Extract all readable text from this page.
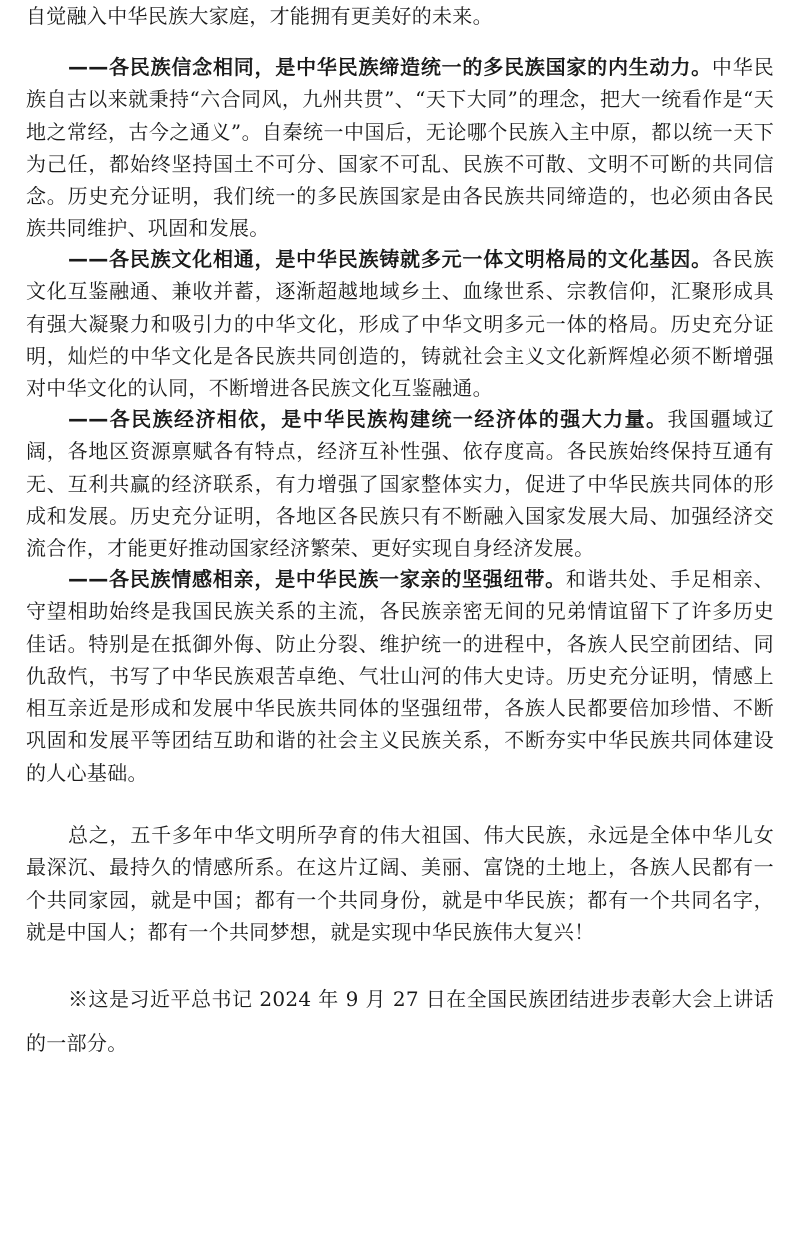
自觉融入中华民族大家庭，才能拥有更美好的未来。

——各民族信念相同，是中华民族缔造统一的多民族国家的内生动力。中华民族自古以来就秉持“六合同风，九州共贯”、“天下大同”的理念，把大一统看作是“天地之常经，古今之通义”。自秦统一中国后，无论哪个民族入主中原，都以统一天下为己任，都始终坚持国土不可分、国家不可乱、民族不可散、文明不可断的共同信念。历史充分证明，我们统一的多民族国家是由各民族共同缔造的，也必须由各民族共同维护、巩固和发展。

——各民族文化相通，是中华民族铸就多元一体文明格局的文化基因。各民族文化互鉴融通、兼收并蓄，逐渐超越地域乡土、血缘世系、宗教信仰，汇聚形成具有强大凝聚力和吸引力的中华文化，形成了中华文明多元一体的格局。历史充分证明，灿烂的中华文化是各民族共同创造的，铸就社会主义文化新辉煌必须不断增强对中华文化的认同，不断增进各民族文化互鉴融通。

——各民族经济相依，是中华民族构建统一经济体的强大力量。我国疆域辽阔，各地区资源禀赋各有特点，经济互补性强、依存度高。各民族始终保持互通有无、互利共赢的经济联系，有力增强了国家整体实力，促进了中华民族共同体的形成和发展。历史充分证明，各地区各民族只有不断融入国家发展大局、加强经济交流合作，才能更好推动国家经济繁荣、更好实现自身经济发展。

——各民族情感相亲，是中华民族一家亲的坚强纽带。和谐共处、手足相亲、守望相助始终是我国民族关系的主流，各民族亲密无间的兄弟情谊留下了许多历史佳话。特别是在抵御外侮、防止分裂、维护统一的进程中，各族人民空前团结、同仇敌忾，书写了中华民族艰苦卓绝、气壮山河的伟大史诗。历史充分证明，情感上相互亲近是形成和发展中华民族共同体的坚强纽带，各族人民都要倍加珍惜、不断巩固和发展平等团结互助和谐的社会主义民族关系，不断夯实中华民族共同体建设的人心基础。

总之，五千多年中华文明所孕育的伟大祖国、伟大民族，永远是全体中华儿女最深沉、最持久的情感所系。在这片辽阔、美丽、富饶的土地上，各族人民都有一个共同家园，就是中国；都有一个共同身份，就是中华民族；都有一个共同名字，就是中国人；都有一个共同梦想，就是实现中华民族伟大复兴！

※这是习近平总书记 2024 年 9 月 27 日在全国民族团结进步表彰大会上讲话的一部分。
